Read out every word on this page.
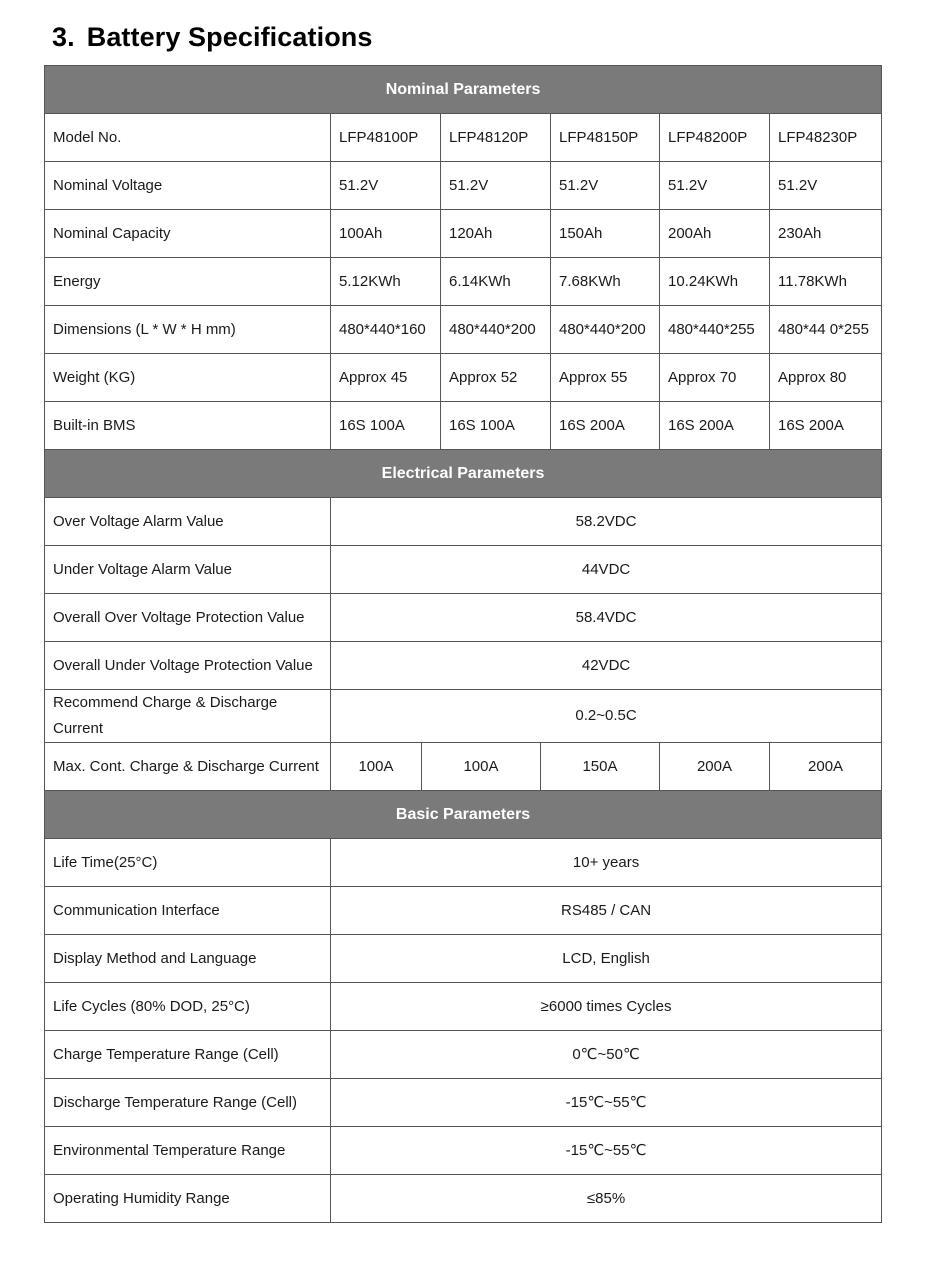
3. Battery Specifications
Nominal Parameters							
Model No.	LFP48100P		LFP48120P		LFP48150P	LFP48200P	LFP48230P
Nominal Voltage	51.2V		51.2V		51.2V	51.2V	51.2V
Nominal Capacity	100Ah		120Ah		150Ah	200Ah	230Ah
Energy	5.12KWh		6.14KWh		7.68KWh	10.24KWh	11.78KWh
Dimensions (L * W * H mm)	480*440*160		480*440*200		480*440*200	480*440*255	480*44 0*255
Weight (KG)	Approx 45		Approx 52		Approx 55	Approx 70	Approx 80
Built-in BMS	16S 100A		16S 100A		16S 200A	16S 200A	16S 200A
Electrical Parameters							
Over Voltage Alarm Value	58.2VDC						
Under Voltage Alarm Value	44VDC						
Overall Over Voltage Protection Value	58.4VDC						
Overall Under Voltage Protection Value	42VDC						
Recommend Charge & Discharge Current	0.2~0.5C						
Max. Cont. Charge & Discharge Current	100A	100A		150A		200A	200A
Basic Parameters							
Life Time(25°C)	10+ years						
Communication Interface	RS485 / CAN						
Display Method and Language	LCD, English						
Life Cycles (80% DOD, 25°C)	≥6000 times Cycles						
Charge Temperature Range (Cell)	0℃~50℃						
Discharge Temperature Range (Cell)	-15℃~55℃						
Environmental Temperature Range	-15℃~55℃						
Operating Humidity Range	≤85%						
